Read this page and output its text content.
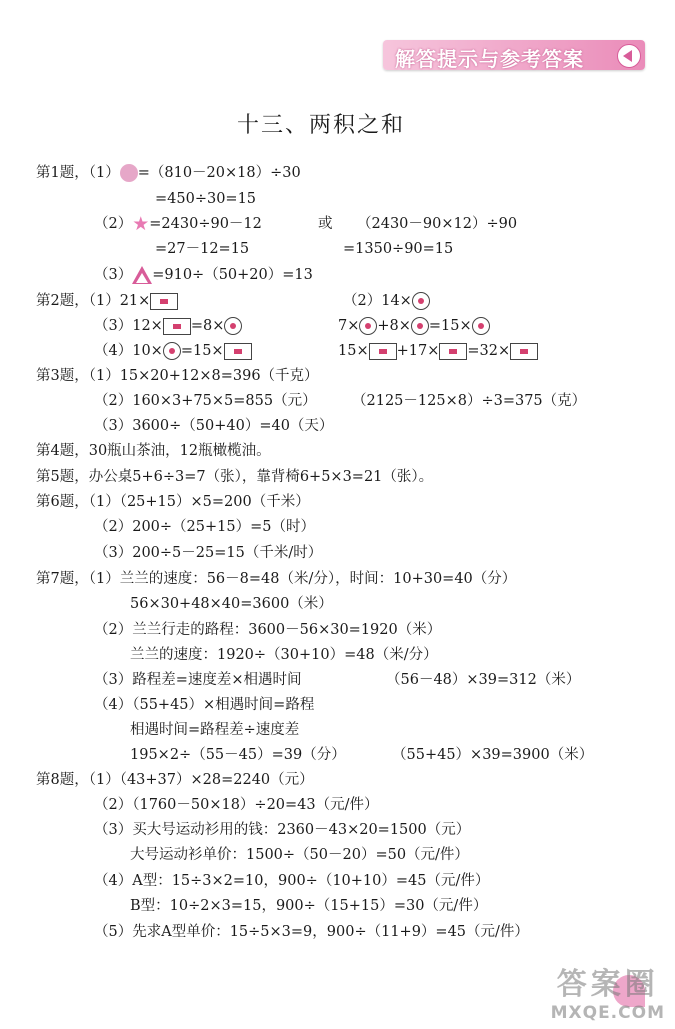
解答提示与参考答案
十三、两积之和
第1题，（1） =（810－20×18）÷30
=450÷30=15
（2）★=2430÷90－12	或 （2430－90×12）÷90
=27－12=15	=1350÷90=15
（3） =910÷（50+20）=13
第2题，（1）21×	（2）14×
（3）12× =8×	7× +8× =15×
（4）10× =15×	15× +17× =32×
第3题，（1）15×20+12×8=396（千克）
（2）160×3+75×5=855（元） （2125－125×8）÷3=375（克）
（3）3600÷（50+40）=40（天）
第4题，30瓶山茶油，12瓶橄榄油。
第5题，办公桌5+6÷3=7（张），靠背椅6+5×3=21（张）。
第6题，（1）（25+15）×5=200（千米）
（2）200÷（25+15）=5（时）
（3）200÷5－25=15（千米/时）
第7题，（1）兰兰的速度：56－8=48（米/分），时间：10+30=40（分）
56×30+48×40=3600（米）
（2）兰兰行走的路程：3600－56×30=1920（米）
兰兰的速度：1920÷（30+10）=48（米/分）
（3）路程差=速度差×相遇时间	（56－48）×39=312（米）
（4）（55+45）×相遇时间=路程
相遇时间=路程差÷速度差
195×2÷（55－45）=39（分）	（55+45）×39=3900（米）
第8题，（1）（43+37）×28=2240（元）
（2）（1760－50×18）÷20=43（元/件）
（3）买大号运动衫用的钱：2360－43×20=1500（元）
大号运动衫单价：1500÷（50－20）=50（元/件）
（4）A型：15÷3×2=10，900÷（10+10）=45（元/件）
B型：10÷2×3=15，900÷（15+15）=30（元/件）
（5）先求A型单价：15÷5×3=9，900÷（11+9）=45（元/件）
答案圈
MXQE.COM
